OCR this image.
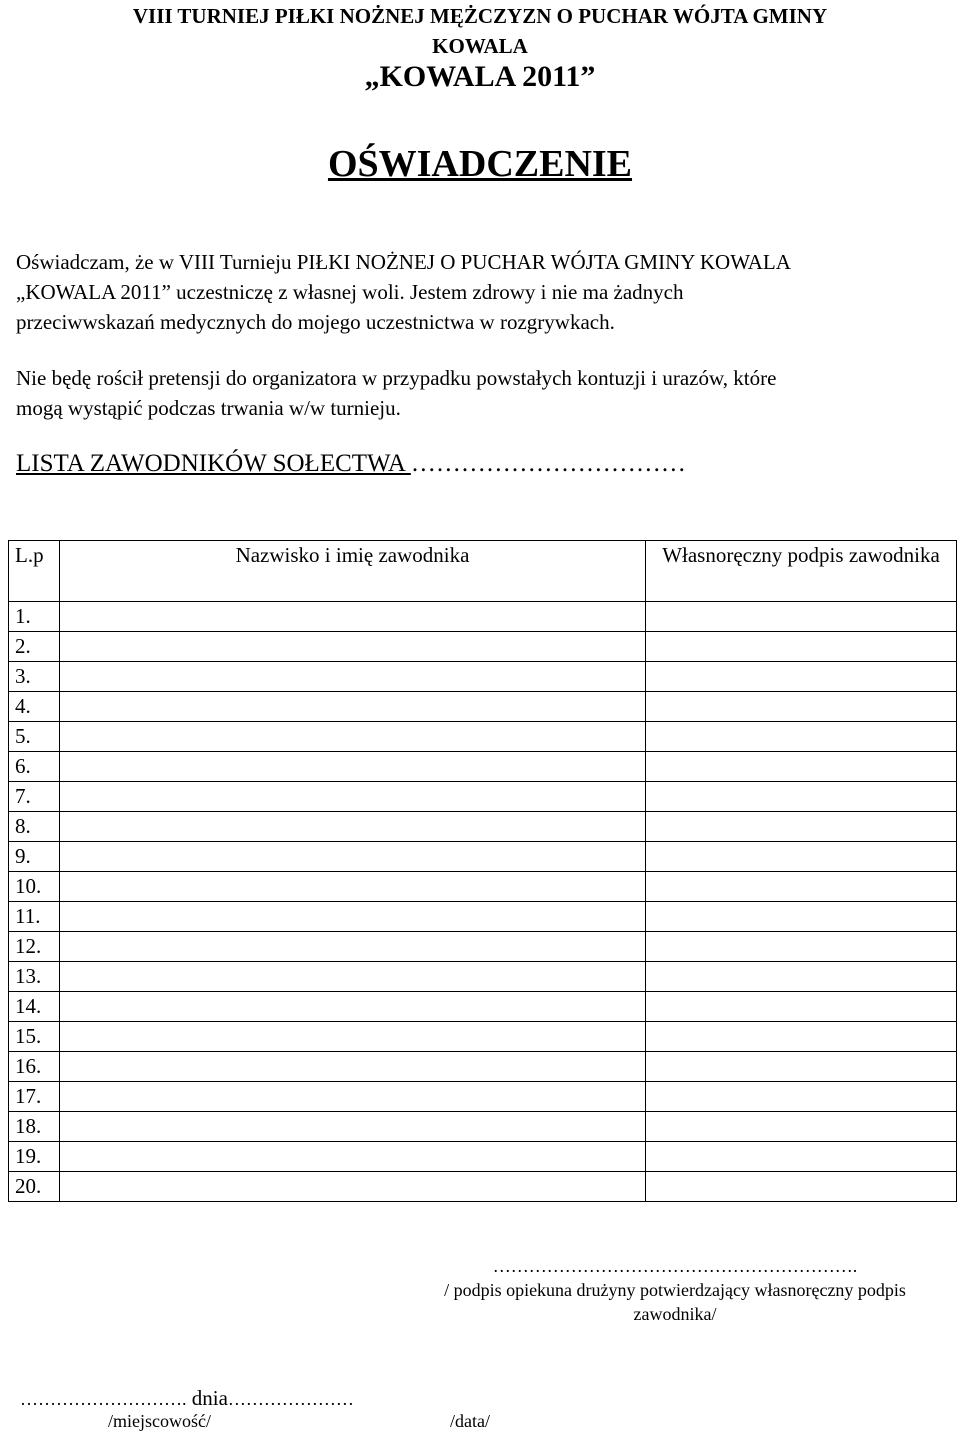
VIII TURNIEJ PIŁKI NOŻNEJ MĘŻCZYZN O PUCHAR WÓJTA GMINY
KOWALA
„KOWALA 2011”
OŚWIADCZENIE
Oświadczam, że w VIII Turnieju PIŁKI NOŻNEJ O PUCHAR WÓJTA GMINY KOWALA
„KOWALA 2011” uczestniczę z własnej woli. Jestem zdrowy i nie ma żadnych
przeciwwskazań medycznych do mojego uczestnictwa w rozgrywkach.
Nie będę rościł pretensji do organizatora w przypadku powstałych kontuzji i urazów, które
mogą wystąpić podczas trwania w/w turnieju.
LISTA ZAWODNIKÓW SOŁECTWA ……………………………
L.p	Nazwisko i imię zawodnika	Własnoręczny podpis zawodnika
1.		
2.		
3.		
4.		
5.		
6.		
7.		
8.		
9.		
10.		
11.		
12.		
13.		
14.		
15.		
16.		
17.		
18.		
19.		
20.		
…………………………………………………….
/ podpis opiekuna drużyny potwierdzający własnoręczny podpis
zawodnika/
………………………. dnia…………………
/miejscowość/	/data/
